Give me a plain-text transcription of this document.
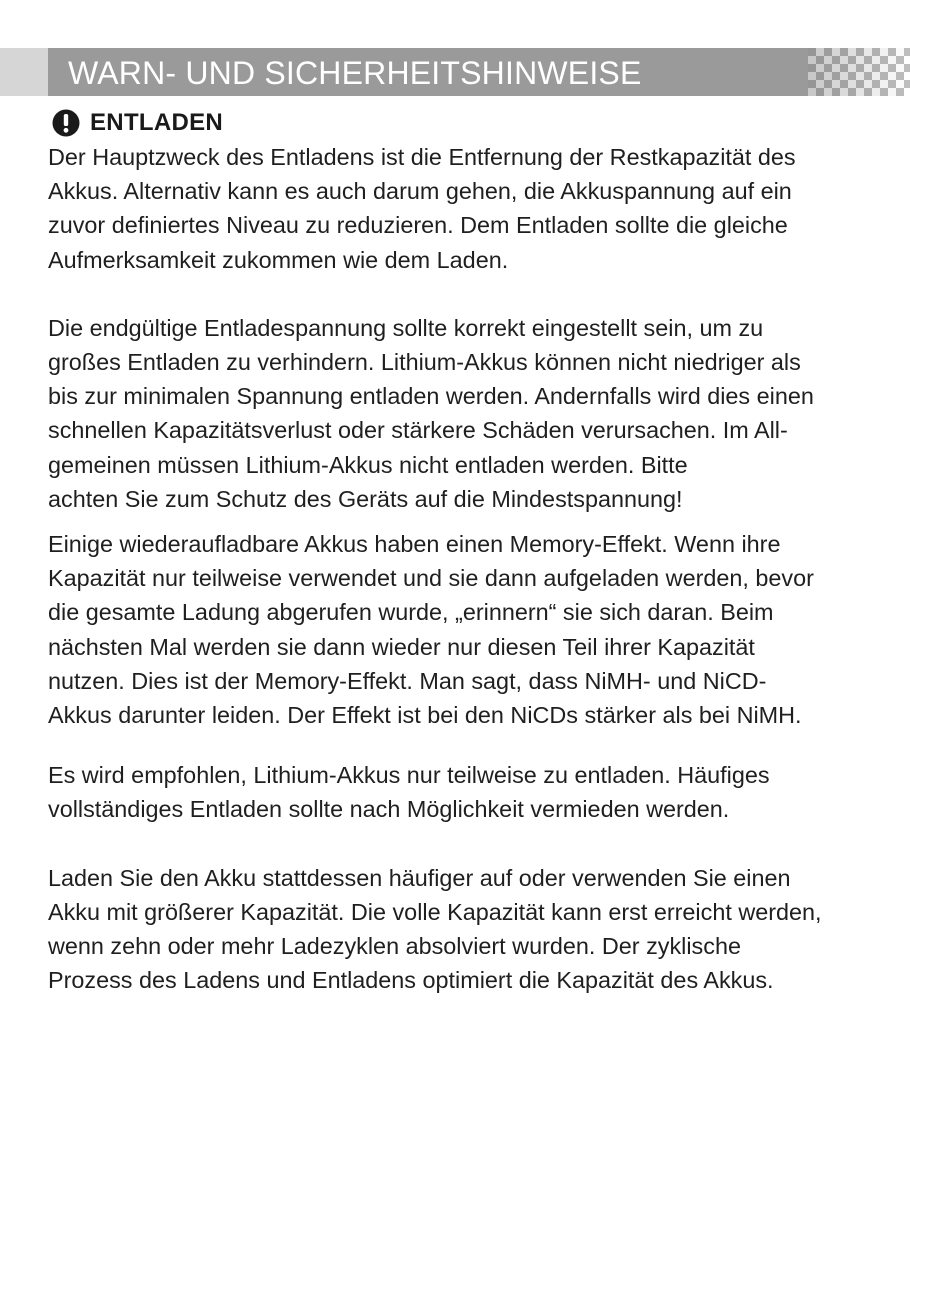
WARN- UND SICHERHEITSHINWEISE
ENTLADEN

Der Hauptzweck des Entladens ist die Entfernung der Restkapazität des
Akkus. Alternativ kann es auch darum gehen, die Akkuspannung auf ein
zuvor definiertes Niveau zu reduzieren. Dem Entladen sollte die gleiche
Aufmerksamkeit zukommen wie dem Laden.

Die endgültige Entladespannung sollte korrekt eingestellt sein, um zu
großes Entladen zu verhindern. Lithium-Akkus können nicht niedriger als
bis zur minimalen Spannung entladen werden. Andernfalls wird dies einen
schnellen Kapazitätsverlust oder stärkere Schäden verursachen. Im All-
gemeinen müssen Lithium-Akkus nicht entladen werden. Bitte
achten Sie zum Schutz des Geräts auf die Mindestspannung!

Einige wiederaufladbare Akkus haben einen Memory-Effekt. Wenn ihre
Kapazität nur teilweise verwendet und sie dann aufgeladen werden, bevor
die gesamte Ladung abgerufen wurde, „erinnern“ sie sich daran. Beim
nächsten Mal werden sie dann wieder nur diesen Teil ihrer Kapazität
nutzen. Dies ist der Memory-Effekt. Man sagt, dass NiMH- und NiCD-
Akkus darunter leiden. Der Effekt ist bei den NiCDs stärker als bei NiMH.

Es wird empfohlen, Lithium-Akkus nur teilweise zu entladen. Häufiges
vollständiges Entladen sollte nach Möglichkeit vermieden werden.

Laden Sie den Akku stattdessen häufiger auf oder verwenden Sie einen
Akku mit größerer Kapazität. Die volle Kapazität kann erst erreicht werden,
wenn zehn oder mehr Ladezyklen absolviert wurden. Der zyklische
Prozess des Ladens und Entladens optimiert die Kapazität des Akkus.
